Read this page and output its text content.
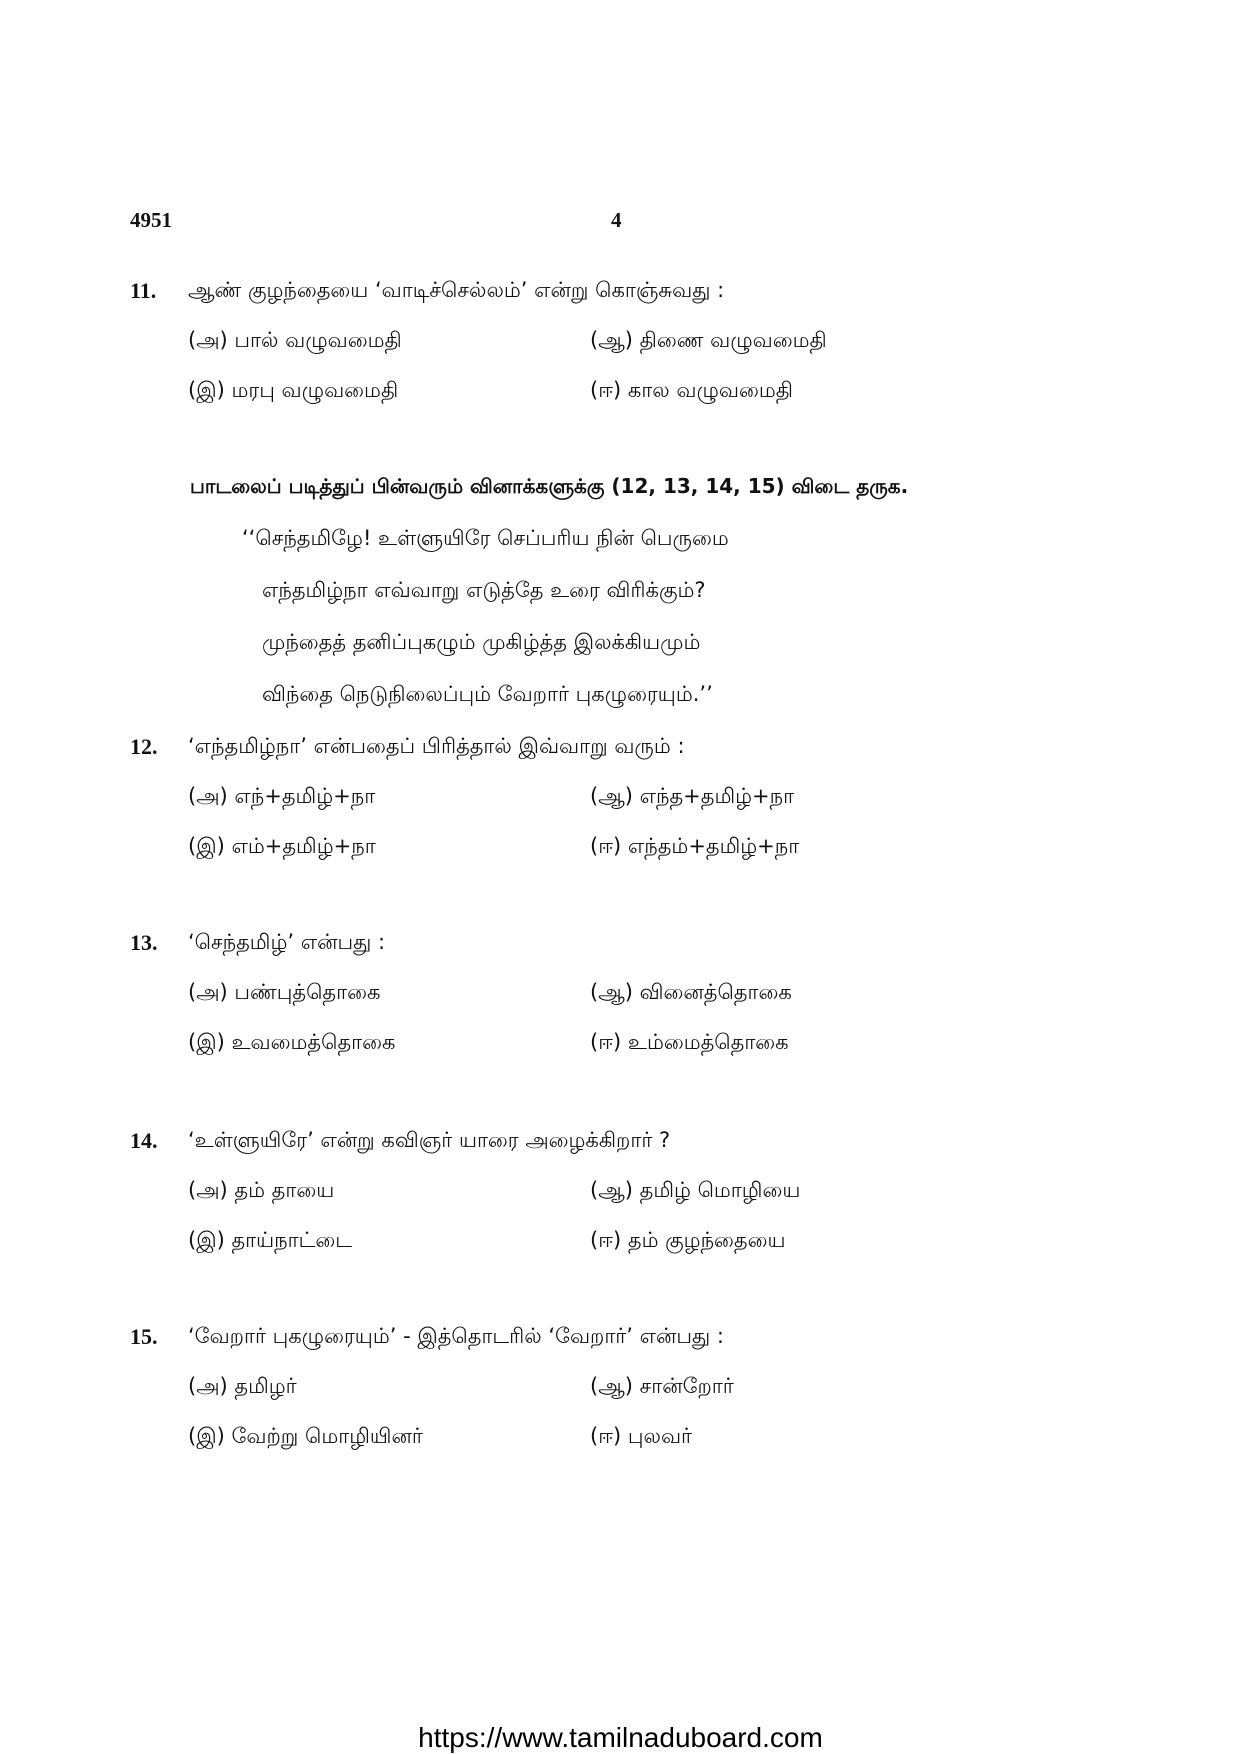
4951	4
11. ஆண் குழந்தையை ‘வாடிச்செல்லம்’ என்று கொஞ்சுவது :
(அ) பால் வழுவமைதி	(ஆ) திணை வழுவமைதி
(இ) மரபு வழுவமைதி	(ஈ) கால வழுவமைதி
பாடலைப் படித்துப் பின்வரும் வினாக்களுக்கு (12, 13, 14, 15) விடை தருக.
‘‘செந்தமிழே! உள்ளுயிரே செப்பரிய நின் பெருமை
எந்தமிழ்நா எவ்வாறு எடுத்தே உரை விரிக்கும்?
முந்தைத் தனிப்புகழும் முகிழ்த்த இலக்கியமும்
விந்தை நெடுநிலைப்பும் வேறார் புகழுரையும்.’’
12. ‘எந்தமிழ்நா’ என்பதைப் பிரித்தால் இவ்வாறு வரும் :
(அ) எந்+தமிழ்+நா	(ஆ) எந்த+தமிழ்+நா
(இ) எம்+தமிழ்+நா	(ஈ) எந்தம்+தமிழ்+நா
13. ‘செந்தமிழ்’ என்பது :
(அ) பண்புத்தொகை	(ஆ) வினைத்தொகை
(இ) உவமைத்தொகை	(ஈ) உம்மைத்தொகை
14. ‘உள்ளுயிரே’ என்று கவிஞர் யாரை அழைக்கிறார் ?
(அ) தம் தாயை	(ஆ) தமிழ் மொழியை
(இ) தாய்நாட்டை	(ஈ) தம் குழந்தையை
15. ‘வேறார் புகழுரையும்’ - இத்தொடரில் ‘வேறார்’ என்பது :
(அ) தமிழர்	(ஆ) சான்றோர்
(இ) வேற்று மொழியினர்	(ஈ) புலவர்
https://www.tamilnaduboard.com
